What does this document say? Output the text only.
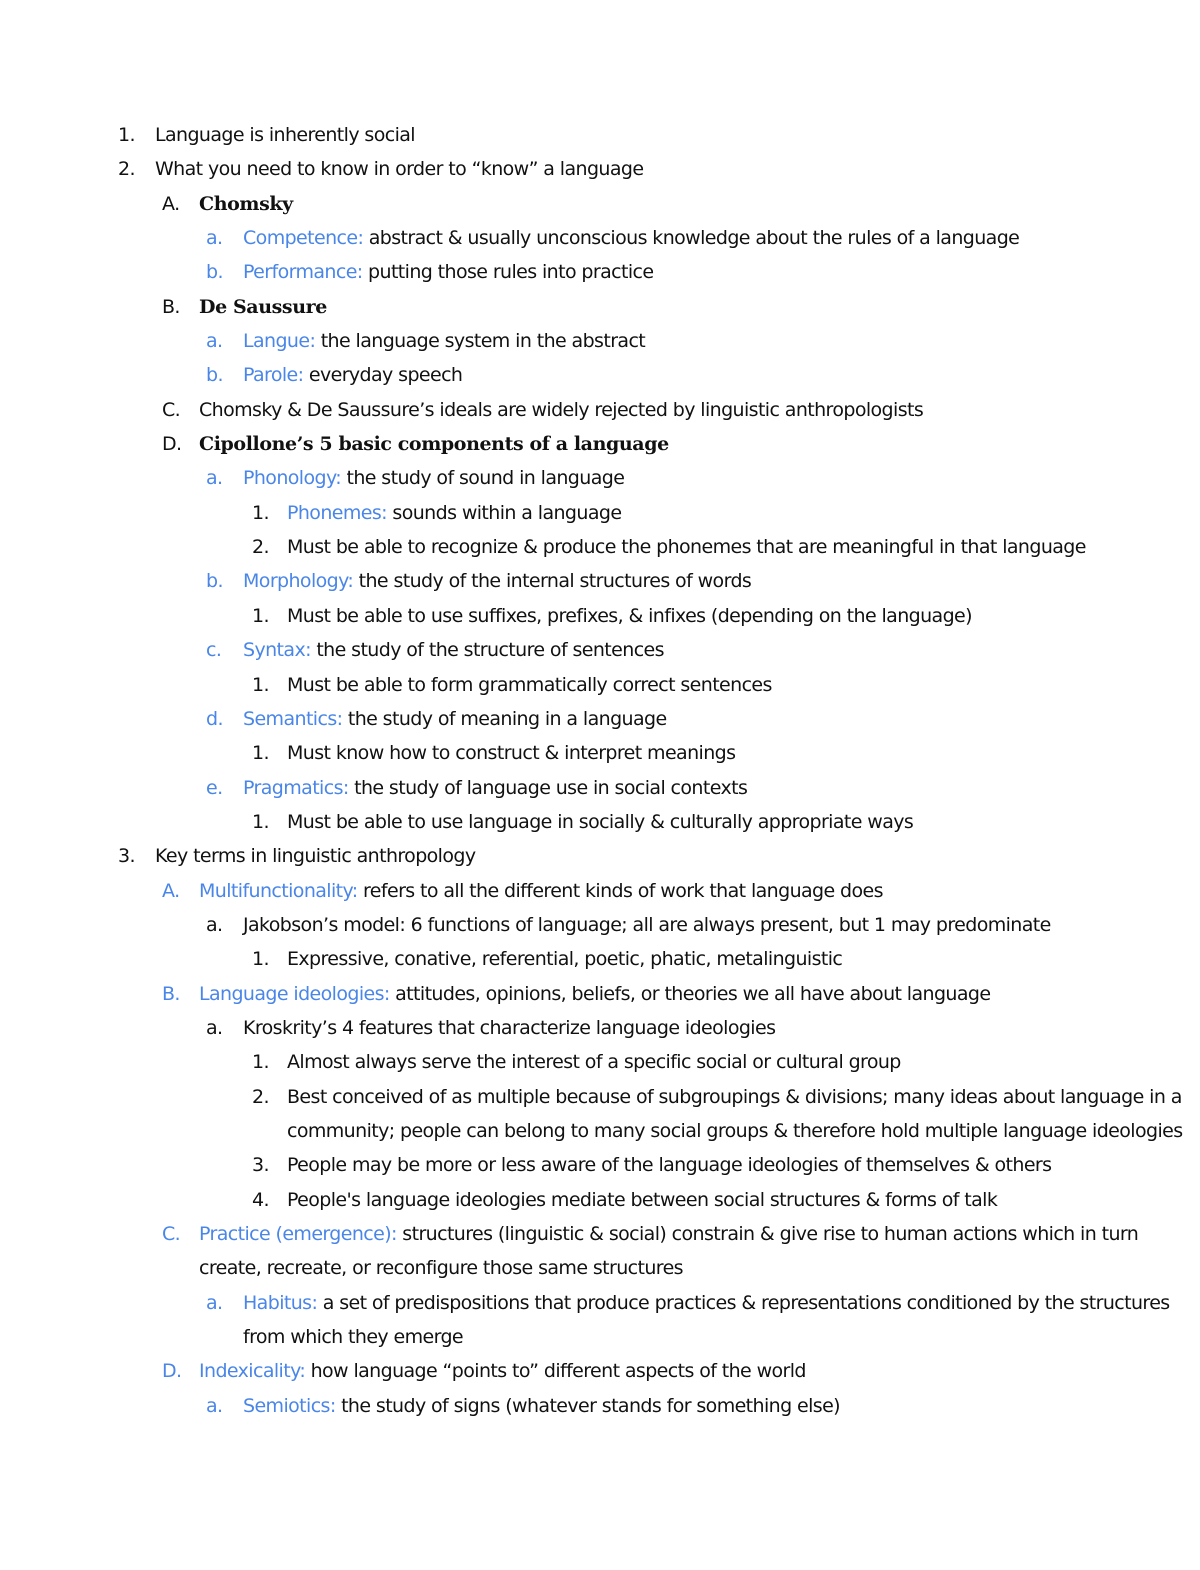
1. Language is inherently social
2. What you need to know in order to “know” a language
A. Chomsky
a. Competence: abstract & usually unconscious knowledge about the rules of a language
b. Performance: putting those rules into practice
B. De Saussure
a. Langue: the language system in the abstract
b. Parole: everyday speech
C. Chomsky & De Saussure’s ideals are widely rejected by linguistic anthropologists
D. Cipollone’s 5 basic components of a language
a. Phonology: the study of sound in language
1. Phonemes: sounds within a language
2. Must be able to recognize & produce the phonemes that are meaningful in that language
b. Morphology: the study of the internal structures of words
1. Must be able to use suffixes, prefixes, & infixes (depending on the language)
c. Syntax: the study of the structure of sentences
1. Must be able to form grammatically correct sentences
d. Semantics: the study of meaning in a language
1. Must know how to construct & interpret meanings
e. Pragmatics: the study of language use in social contexts
1. Must be able to use language in socially & culturally appropriate ways
3. Key terms in linguistic anthropology
A. Multifunctionality: refers to all the different kinds of work that language does
a. Jakobson’s model: 6 functions of language; all are always present, but 1 may predominate
1. Expressive, conative, referential, poetic, phatic, metalinguistic
B. Language ideologies: attitudes, opinions, beliefs, or theories we all have about language
a. Kroskrity’s 4 features that characterize language ideologies
1. Almost always serve the interest of a specific social or cultural group
2. Best conceived of as multiple because of subgroupings & divisions; many ideas about language in a
community; people can belong to many social groups & therefore hold multiple language ideologies
3. People may be more or less aware of the language ideologies of themselves & others
4. People's language ideologies mediate between social structures & forms of talk
C. Practice (emergence): structures (linguistic & social) constrain & give rise to human actions which in turn
create, recreate, or reconfigure those same structures
a. Habitus: a set of predispositions that produce practices & representations conditioned by the structures
from which they emerge
D. Indexicality: how language “points to” different aspects of the world
a. Semiotics: the study of signs (whatever stands for something else)
